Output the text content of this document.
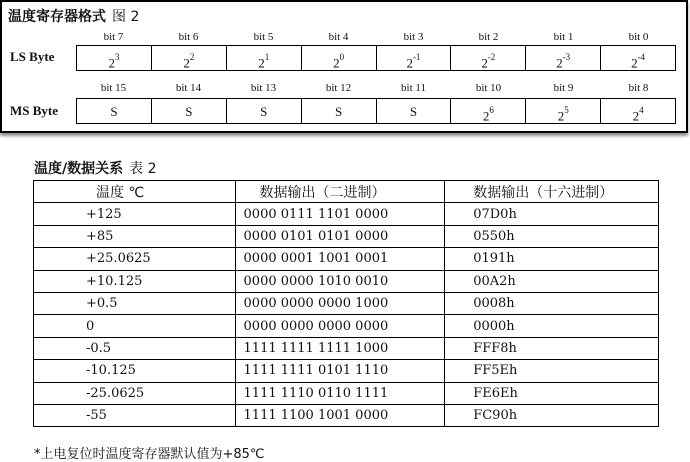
温度寄存器格式 图 2
bit 7	bit 6	bit 5	bit 4	bit 3	bit 2	bit 1	bit 0
LS Byte	$2^3$	$2^2$	$2^1$	$2^0$	$2^{-1}$	$2^{-2}$	$2^{-3}$	$2^{-4}$
bit 15	bit 14	bit 13	bit 12	bit 11	bit 10	bit 9	bit 8
MS Byte	S	S	S	S	S	$2^6$	$2^5$	$2^4$
温度/数据关系 表 2
温度 ℃	数据输出（二进制）	数据输出（十六进制）
+125	0000 0111 1101 0000	07D0h
+85	0000 0101 0101 0000	0550h
+25.0625	0000 0001 1001 0001	0191h
+10.125	0000 0000 1010 0010	00A2h
+0.5	0000 0000 0000 1000	0008h
0	0000 0000 0000 0000	0000h
-0.5	1111 1111 1111 1000	FFF8h
-10.125	1111 1111 0101 1110	FF5Eh
-25.0625	1111 1110 0110 1111	FE6Eh
-55	1111 1100 1001 0000	FC90h
*上电复位时温度寄存器默认值为+85℃
